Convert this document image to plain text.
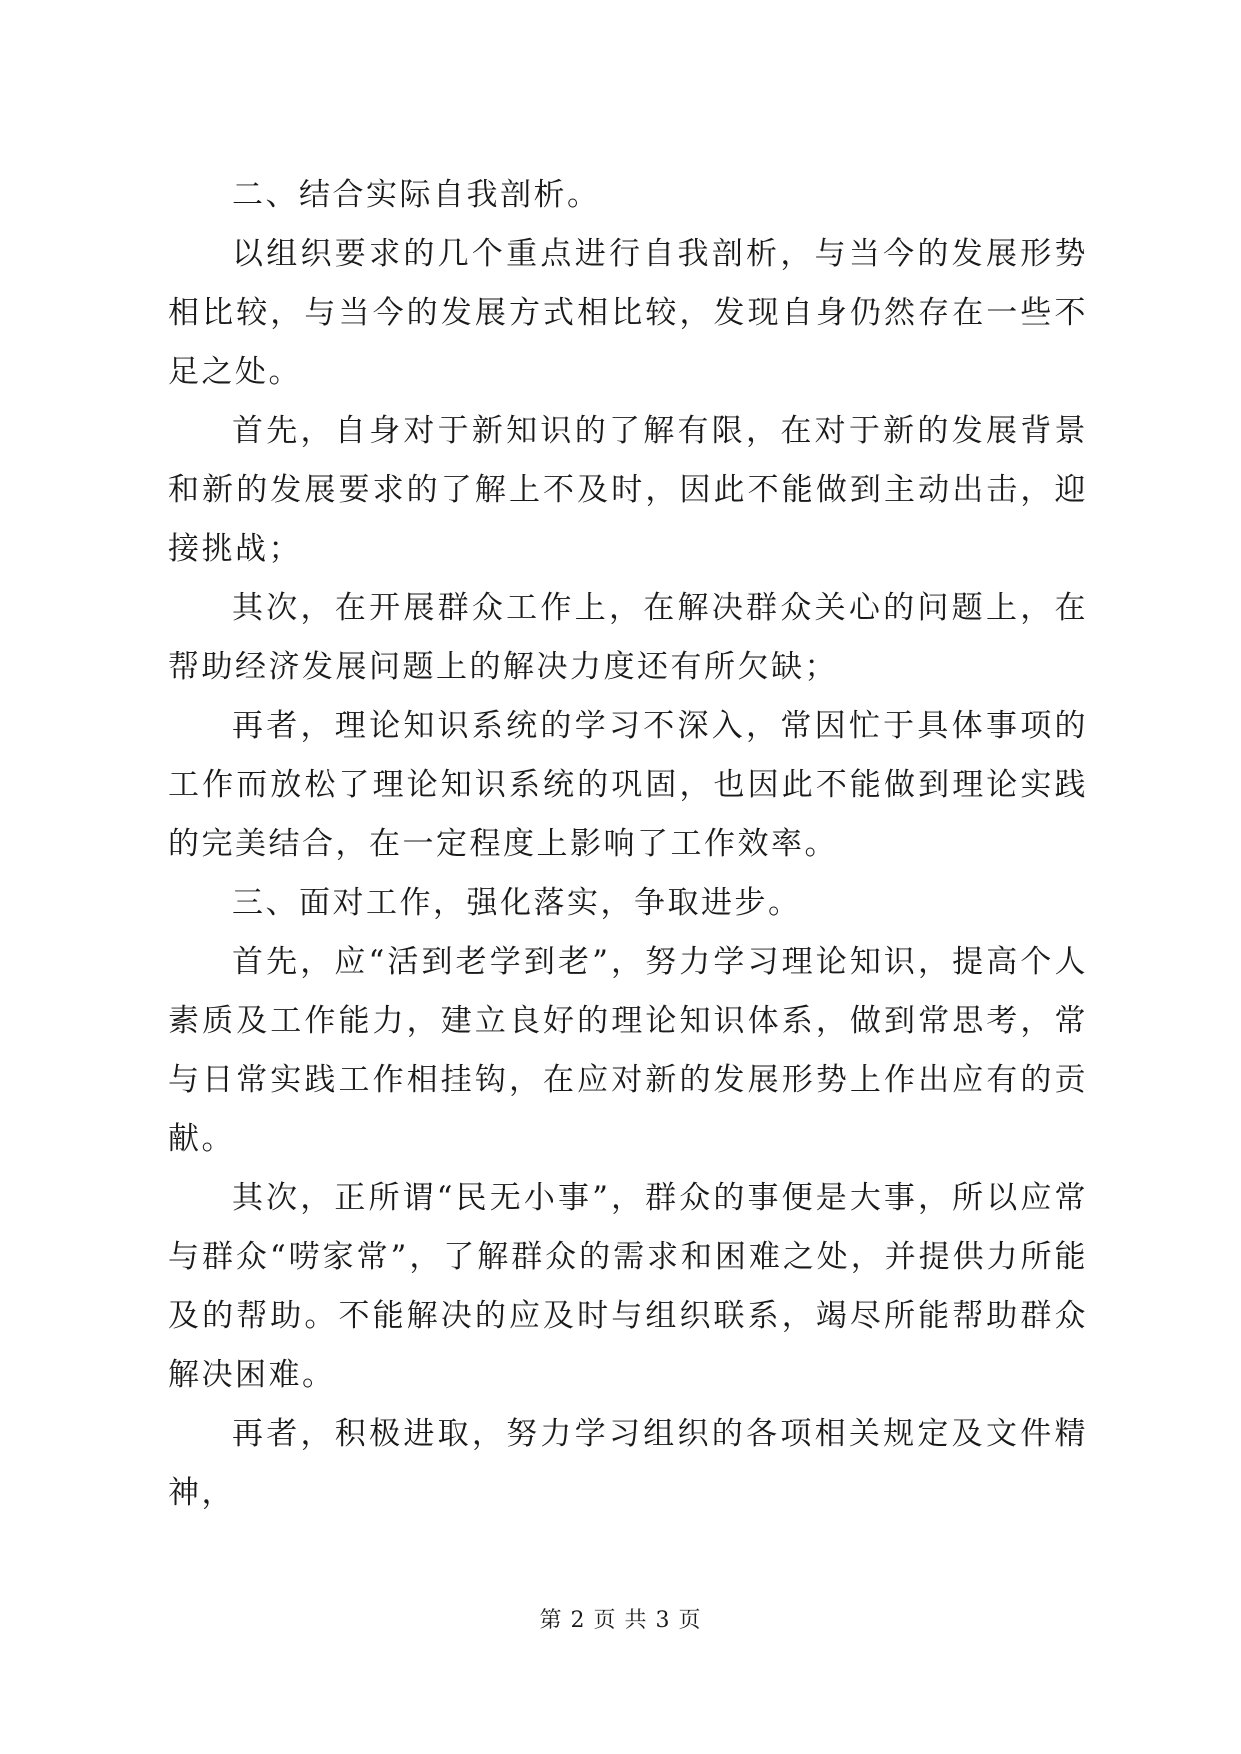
二、结合实际自我剖析。

以组织要求的几个重点进行自我剖析，与当今的发展形势相比较，与当今的发展方式相比较，发现自身仍然存在一些不足之处。

首先，自身对于新知识的了解有限，在对于新的发展背景和新的发展要求的了解上不及时，因此不能做到主动出击，迎接挑战；

其次，在开展群众工作上，在解决群众关心的问题上，在帮助经济发展问题上的解决力度还有所欠缺；

再者，理论知识系统的学习不深入，常因忙于具体事项的工作而放松了理论知识系统的巩固，也因此不能做到理论实践的完美结合，在一定程度上影响了工作效率。

三、面对工作，强化落实，争取进步。

首先，应“活到老学到老”，努力学习理论知识，提高个人素质及工作能力，建立良好的理论知识体系，做到常思考，常与日常实践工作相挂钩，在应对新的发展形势上作出应有的贡献。

其次，正所谓“民无小事”，群众的事便是大事，所以应常与群众“唠家常”，了解群众的需求和困难之处，并提供力所能及的帮助。不能解决的应及时与组织联系，竭尽所能帮助群众解决困难。

再者，积极进取，努力学习组织的各项相关规定及文件精神，

第 2 页 共 3 页
